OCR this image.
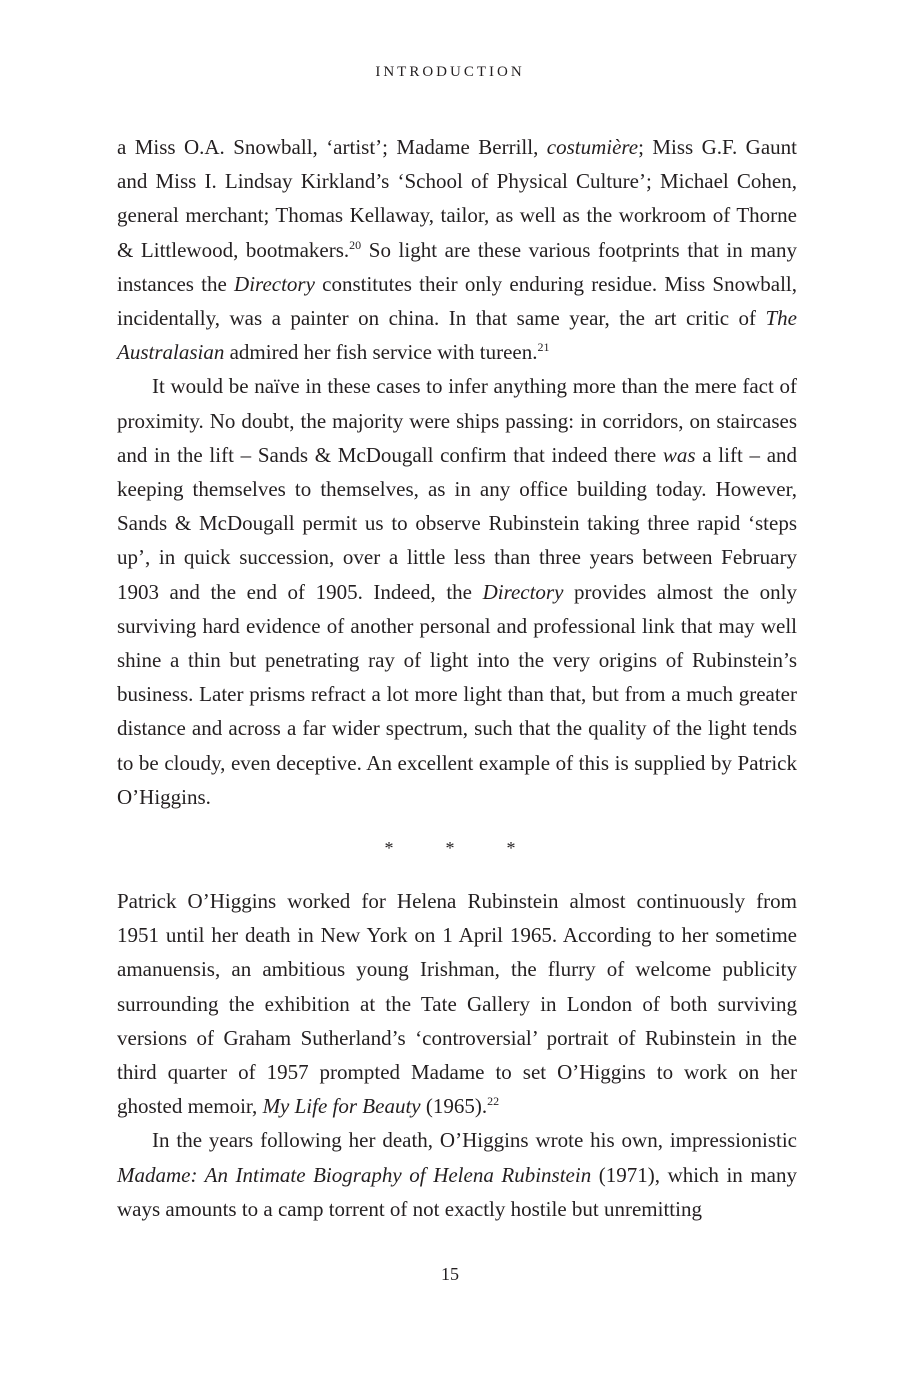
INTRODUCTION

a Miss O.A. Snowball, ‘artist’; Madame Berrill, costumière; Miss G.F. Gaunt and Miss I. Lindsay Kirkland’s ‘School of Physical Culture’; Michael Cohen, general merchant; Thomas Kellaway, tailor, as well as the workroom of Thorne & Littlewood, bootmakers.$^{20}$ So light are these various footprints that in many instances the Directory constitutes their only enduring residue. Miss Snowball, incidentally, was a painter on china. In that same year, the art critic of The Australasian admired her fish service with tureen.$^{21}$

It would be naïve in these cases to infer anything more than the mere fact of proximity. No doubt, the majority were ships passing: in corridors, on staircases and in the lift – Sands & McDougall confirm that indeed there was a lift – and keeping themselves to themselves, as in any office building today. However, Sands & McDougall permit us to observe Rubinstein taking three rapid ‘steps up’, in quick succession, over a little less than three years between February 1903 and the end of 1905. Indeed, the Directory provides almost the only surviving hard evidence of another personal and professional link that may well shine a thin but penetrating ray of light into the very origins of Rubinstein’s business. Later prisms refract a lot more light than that, but from a much greater distance and across a far wider spectrum, such that the quality of the light tends to be cloudy, even deceptive. An excellent example of this is supplied by Patrick O’Higgins.

*	*	*

Patrick O’Higgins worked for Helena Rubinstein almost continuously from 1951 until her death in New York on 1 April 1965. According to her sometime amanuensis, an ambitious young Irishman, the flurry of welcome publicity surrounding the exhibition at the Tate Gallery in London of both surviving versions of Graham Sutherland’s ‘controversial’ portrait of Rubinstein in the third quarter of 1957 prompted Madame to set O’Higgins to work on her ghosted memoir, My Life for Beauty (1965).$^{22}$

In the years following her death, O’Higgins wrote his own, impressionistic Madame: An Intimate Biography of Helena Rubinstein (1971), which in many ways amounts to a camp torrent of not exactly hostile but unremitting

15
